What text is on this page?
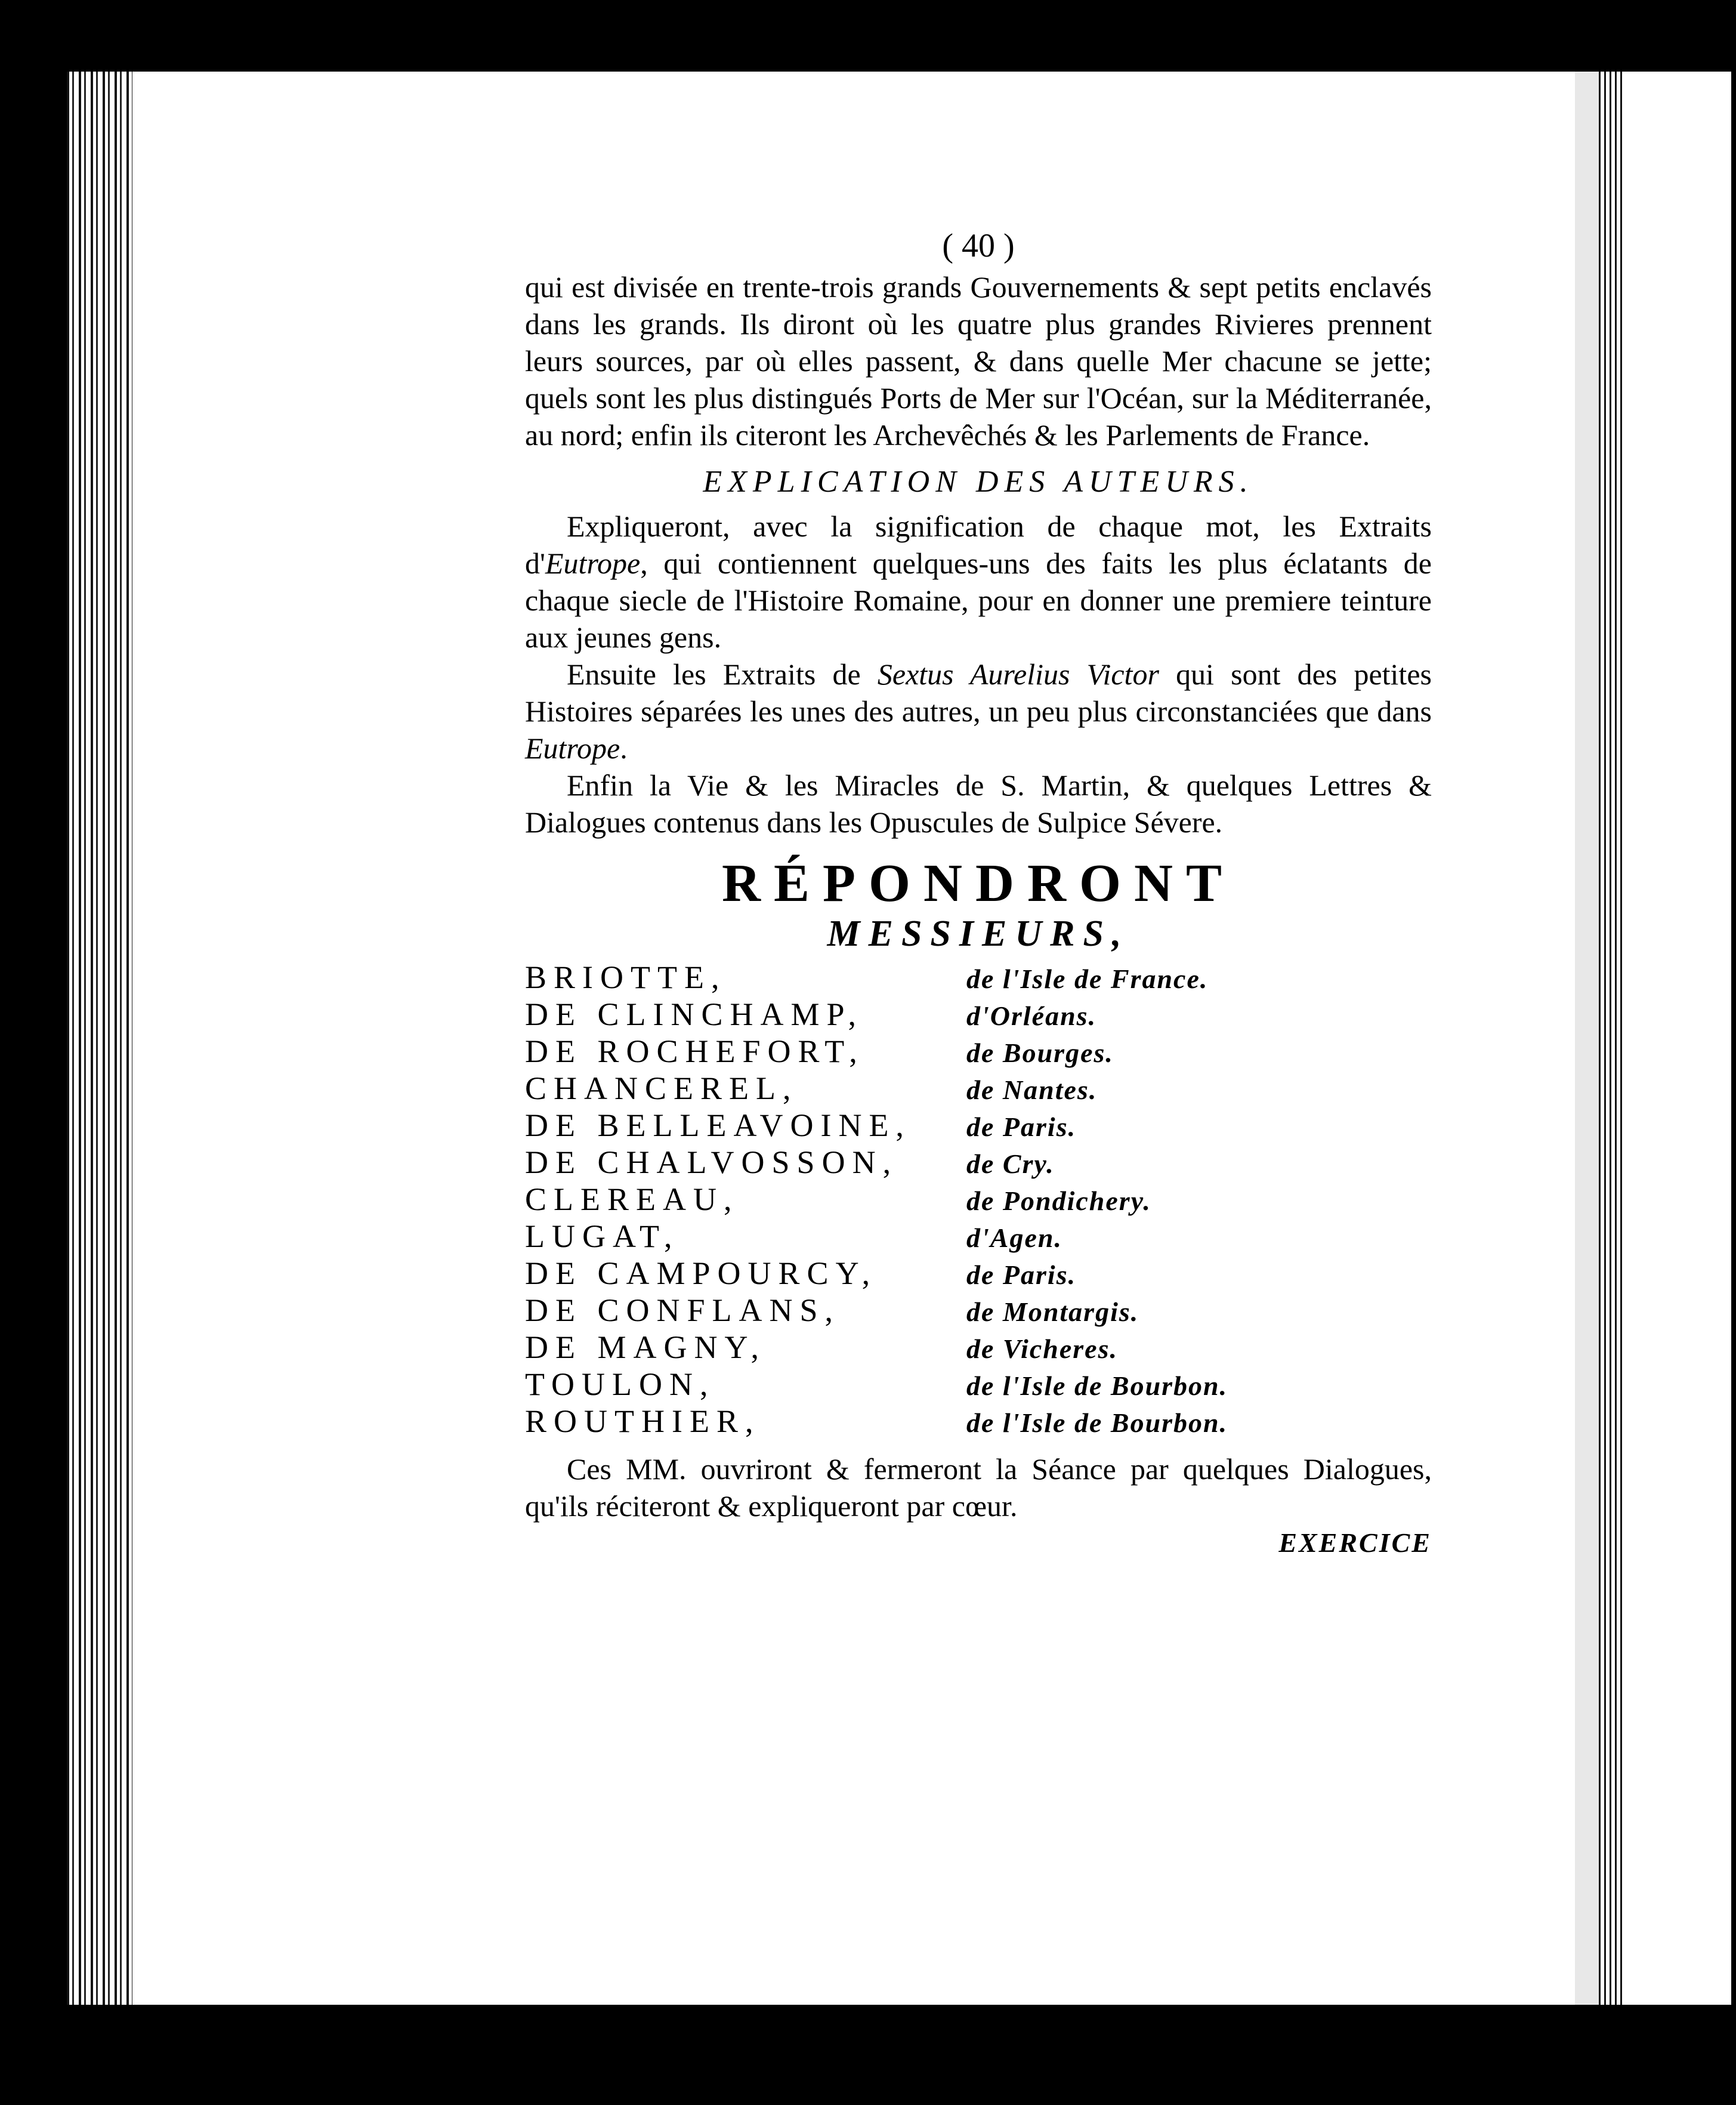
( 40 )

qui est divisée en trente-trois grands Gouvernements & sept petits enclavés dans les grands. Ils diront où les quatre plus grandes Rivieres prennent leurs sources, par où elles passent, & dans quelle Mer chacune se jette; quels sont les plus distingués Ports de Mer sur l'Océan, sur la Méditerranée, au nord; enfin ils citeront les Archevêchés & les Parlements de France.

EXPLICATION DES AUTEURS.

Expliqueront, avec la signification de chaque mot, les Extraits d'Eutrope, qui contiennent quelques-uns des faits les plus éclatants de chaque siecle de l'Histoire Romaine, pour en donner une premiere teinture aux jeunes gens.

Ensuite les Extraits de Sextus Aurelius Victor qui sont des petites Histoires séparées les unes des autres, un peu plus circonstanciées que dans Eutrope.

Enfin la Vie & les Miracles de S. Martin, & quelques Lettres & Dialogues contenus dans les Opuscules de Sulpice Sévere.

RÉPONDRONT
MESSIEURS,
BRIOTTE,	de l'Isle de France.
DE CLINCHAMP,	d'Orléans.
DE ROCHEFORT,	de Bourges.
CHANCEREL,	de Nantes.
DE BELLEAVOINE,	de Paris.
DE CHALVOSSON,	de Cry.
CLEREAU,	de Pondichery.
LUGAT,	d'Agen.
DE CAMPOURCY,	de Paris.
DE CONFLANS,	de Montargis.
DE MAGNY,	de Vicheres.
TOULON,	de l'Isle de Bourbon.
ROUTHIER,	de l'Isle de Bourbon.

Ces MM. ouvriront & fermeront la Séance par quelques Dialogues, qu'ils réciteront & expliqueront par cœur.

EXERCICE
